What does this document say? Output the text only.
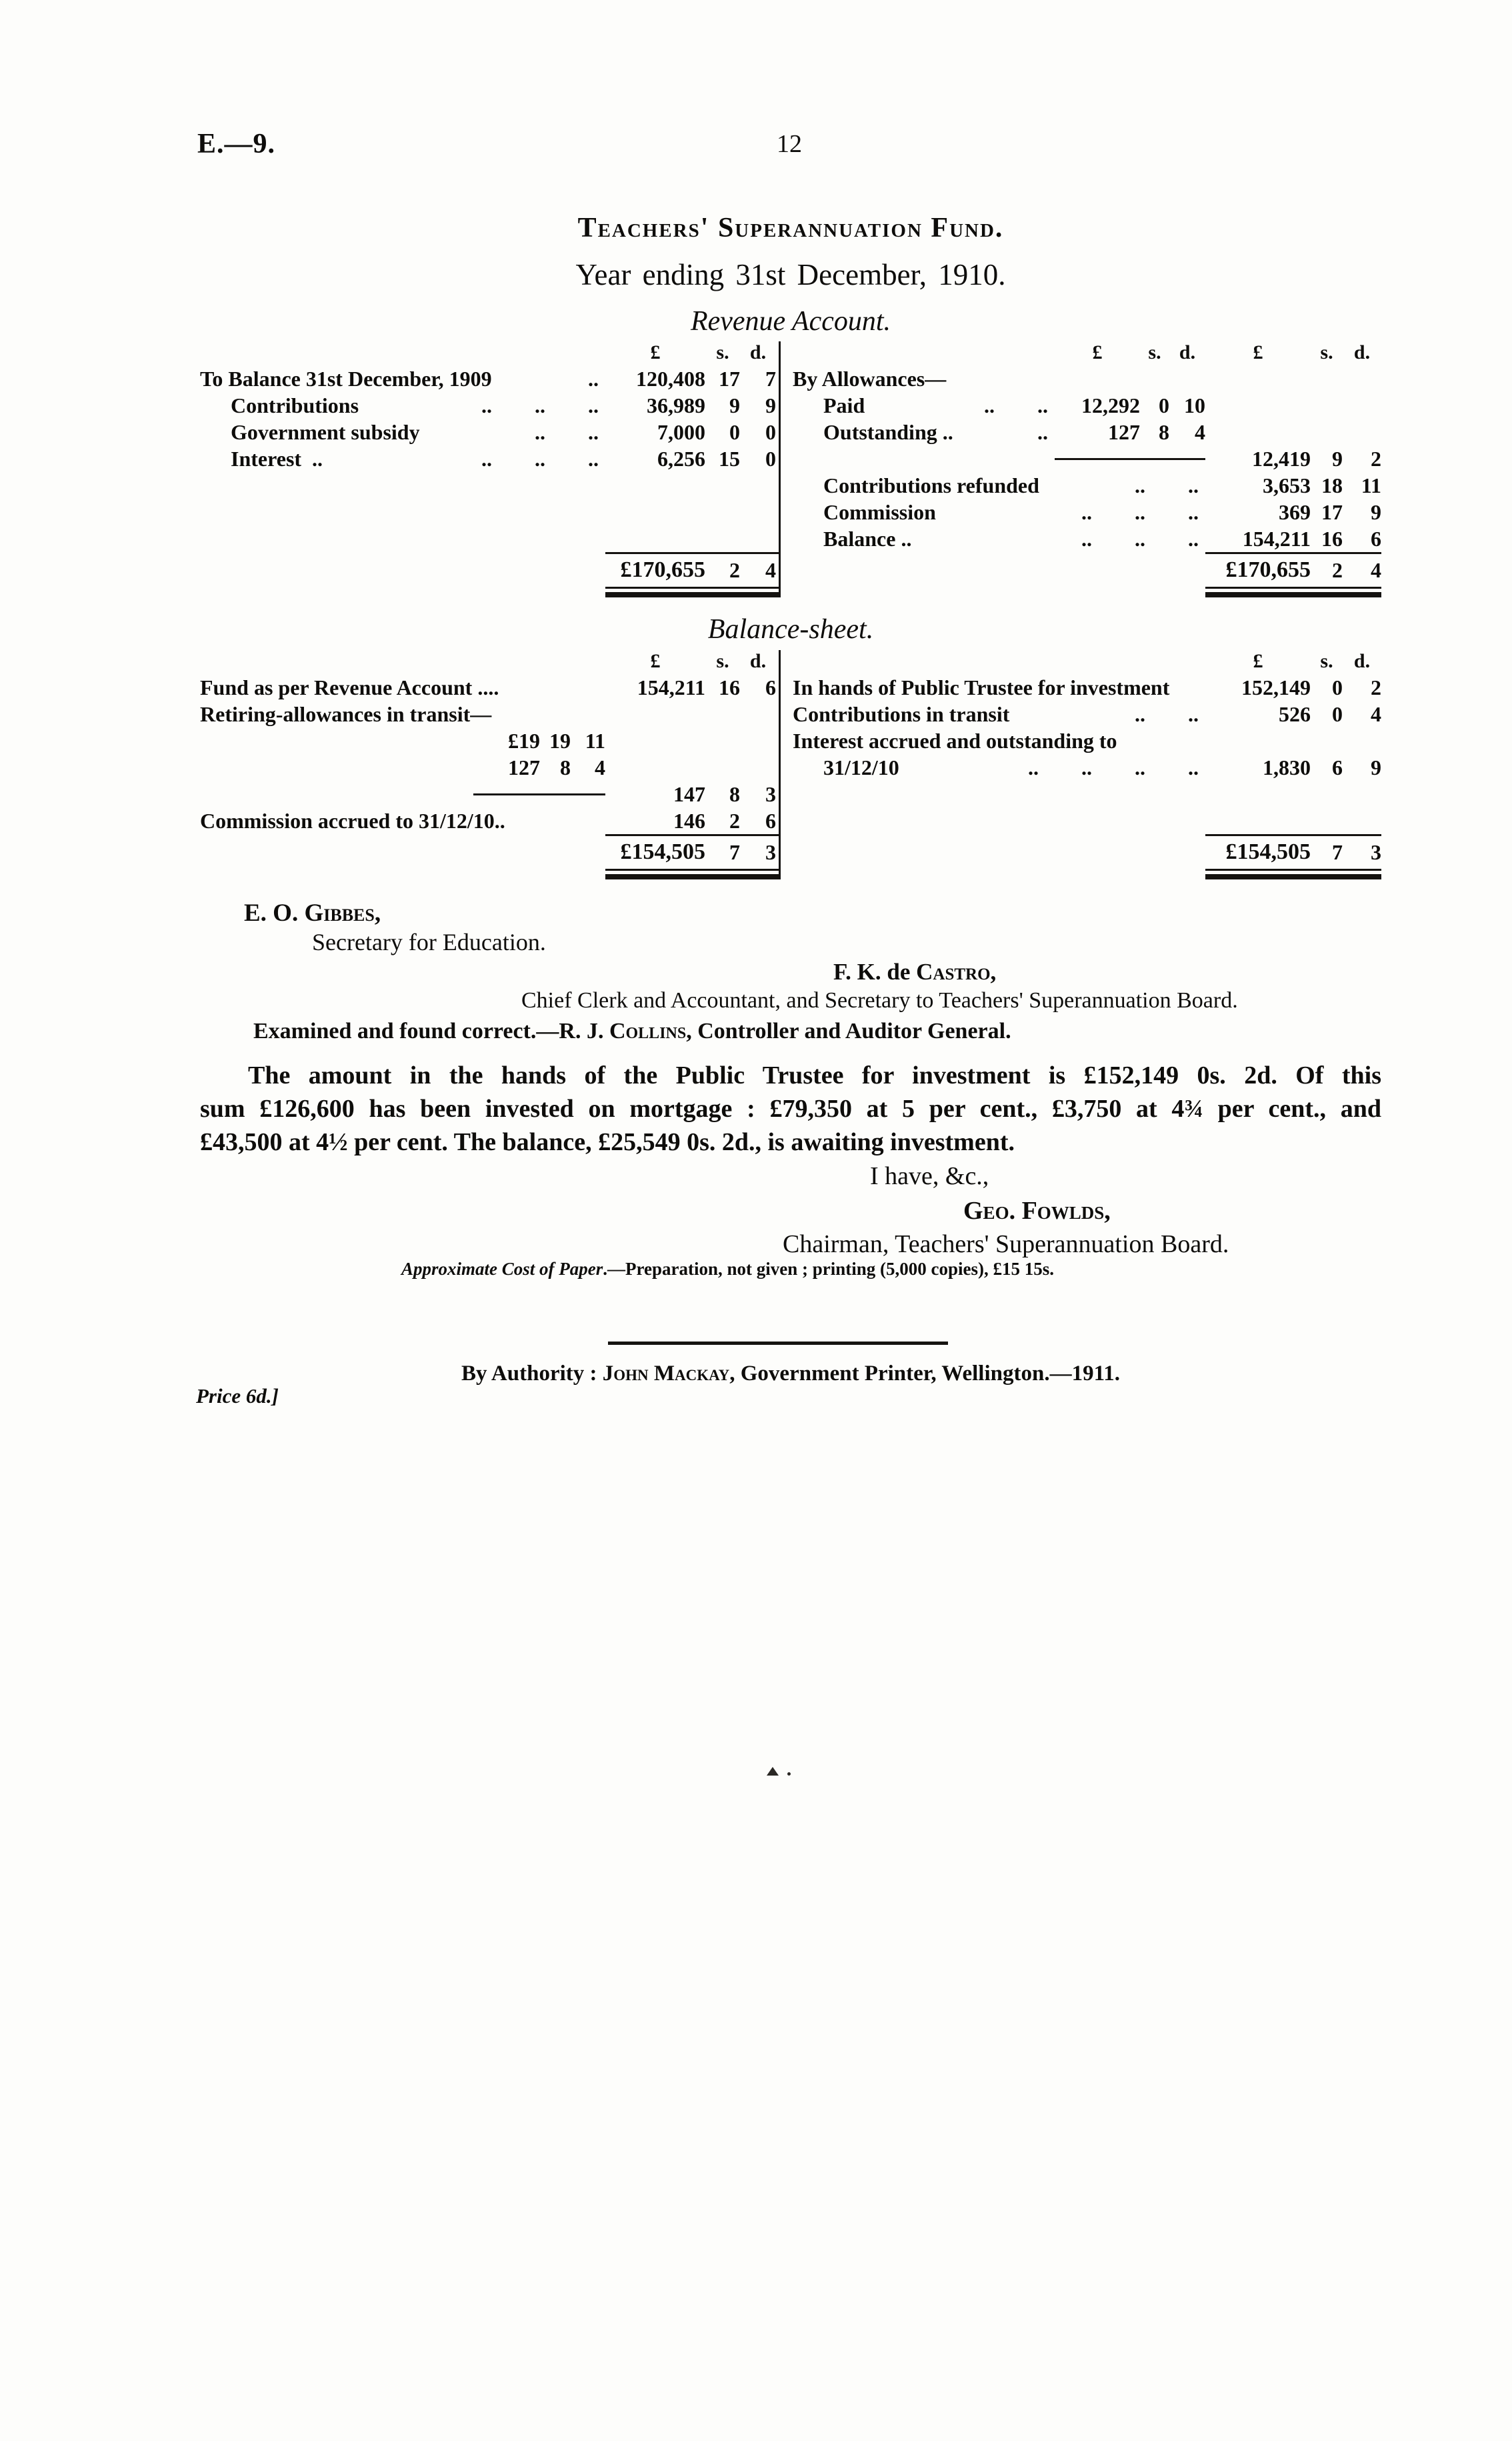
E.—9.	12
Teachers' Superannuation Fund.
Year ending 31st December, 1910.
Revenue Account.
£	s.	d.
To Balance 31st December, 1909	..	120,408 17	7
Contributions	..  ..  ..	36,989	9	9
Government subsidy	..  ..	7,000	0	0
Interest ..	..  ..  ..	6,256 15	0
£170,655	2	4
£	s. d.	£	s.	d.
By Allowances—
Paid	..  ..	12,292 0 10
Outstanding ..	..	127 8	4
12,419	9	2
Contributions refunded	..  ..	3,653 18 11
Commission	..  ..  ..	369 17	9
Balance ..	..  ..  ..	154,211 16	6
£170,655	2	4
Balance-sheet.
£	s.	d.
Fund as per Revenue Account .. ..	154,211 16	6
Retiring-allowances in transit—
£19 19 11
127 8	4
147	8	3
Commission accrued to 31/12/10 ..	146	2	6
£154,505	7	3
£	s.	d.
In hands of Public Trustee for investment	152,149	0	2
Contributions in transit	..  ..	526	0	4
Interest accrued and outstanding to
31/12/10	..  ..  ..  ..	1,830	6	9
£154,505	7	3
E. O. Gibbes,
Secretary for Education.
F. K. de Castro,
Chief Clerk and Accountant, and Secretary to Teachers' Superannuation Board.
Examined and found correct.—R. J. Collins, Controller and Auditor General.
The amount in the hands of the Public Trustee for investment is £152,149 0s. 2d. Of this
sum £126,600 has been invested on mortgage : £79,350 at 5 per cent., £3,750 at 4¾ per cent., and
£43,500 at 4½ per cent. The balance, £25,549 0s. 2d., is awaiting investment.
I have, &c.,
Geo. Fowlds,
Chairman, Teachers' Superannuation Board.
Approximate Cost of Paper.—Preparation, not given ; printing (5,000 copies), £15 15s.
By Authority : John Mackay, Government Printer, Wellington.—1911.
Price 6d.]
